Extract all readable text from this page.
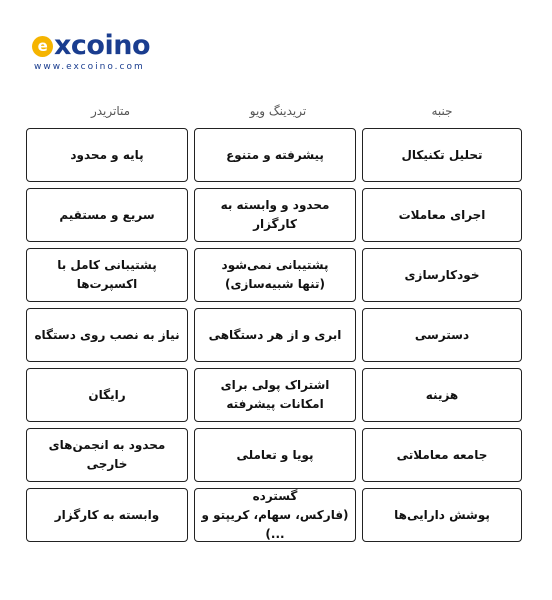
e xcoino
www.excoino.com
جنبه
تریدینگ ویو
متاتریدر
تحلیل تکنیکال
پیشرفته و متنوع
پایه و محدود
اجرای معاملات
محدود و وابسته به کارگزار
سریع و مستقیم
خودکارسازی
پشتیبانی نمی‌شود
(تنها شبیه‌سازی)
پشتیبانی کامل با اکسپرت‌ها
دسترسی
ابری و از هر دستگاهی
نیاز به نصب روی دستگاه
هزینه
اشتراک پولی برای
امکانات پیشرفته
رایگان
جامعه معاملاتی
پویا و تعاملی
محدود به انجمن‌های خارجی
پوشش دارایی‌ها
گسترده
(فارکس، سهام، کریپتو و ...)
وابسته به کارگزار
